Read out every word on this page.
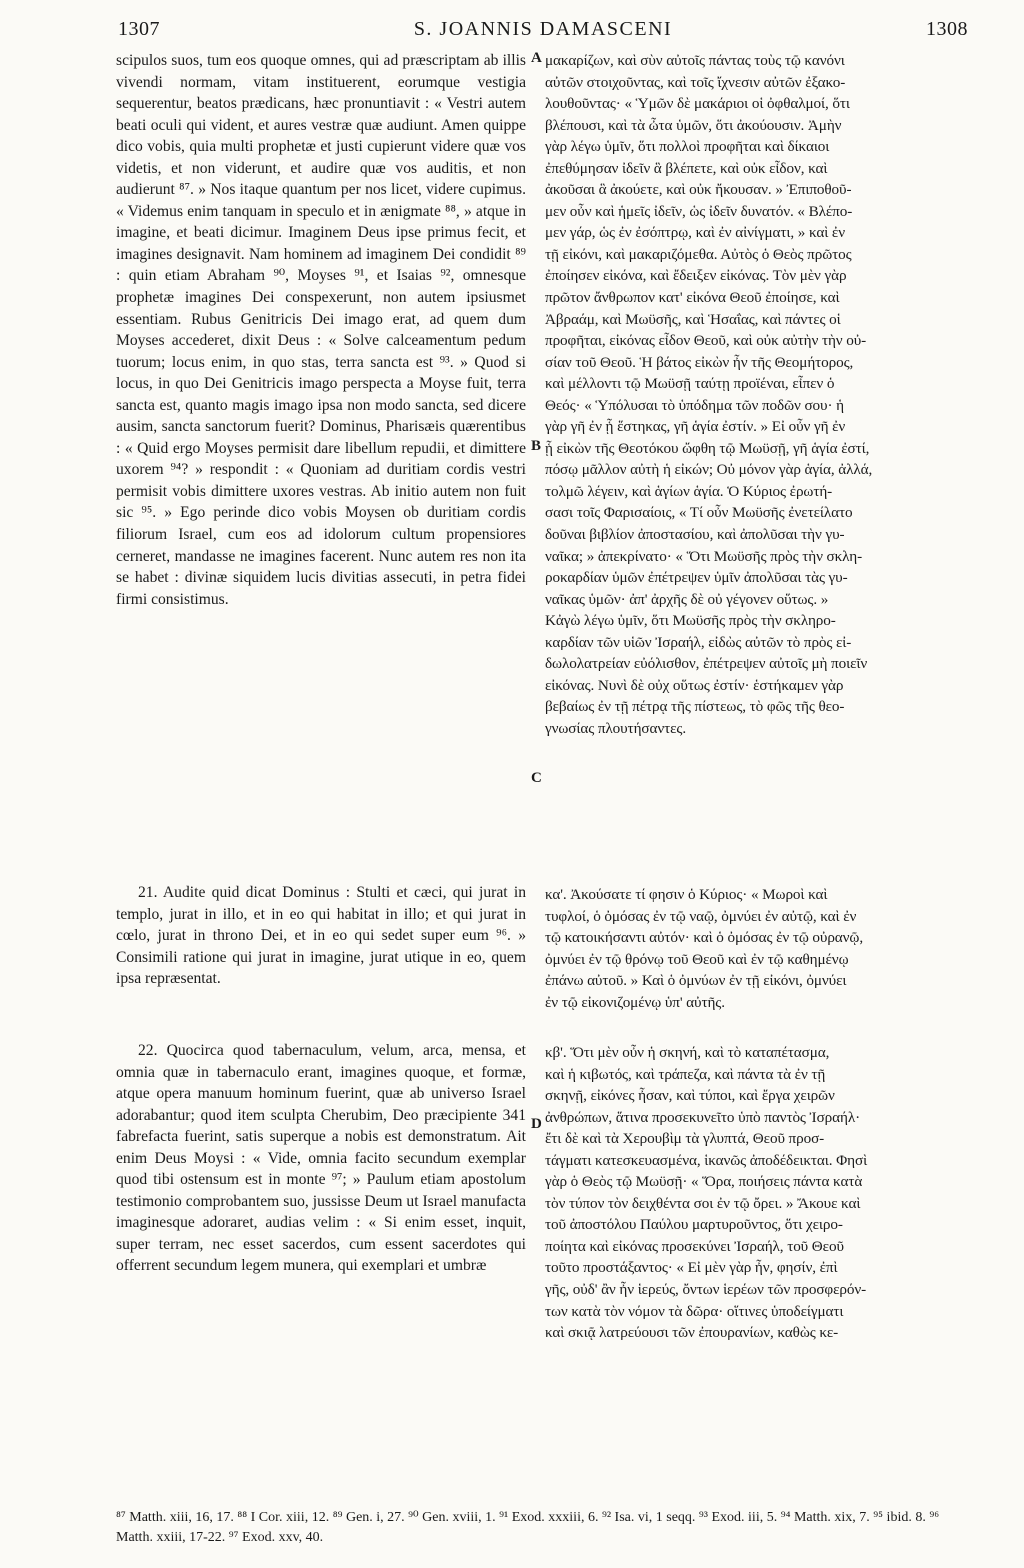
1307	S. JOANNIS DAMASCENI	1308

scipulos suos, tum eos quoque omnes, qui ad præscriptam ab illis vivendi normam, vitam instituerent, eorumque vestigia sequerentur, beatos prædicans, hæc pronuntiavit : « Vestri autem beati oculi qui vident, et aures vestræ quæ audiunt. Amen quippe dico vobis, quia multi prophetæ et justi cupierunt videre quæ vos videtis, et non viderunt, et audire quæ vos auditis, et non audierunt ⁸⁷. » Nos itaque quantum per nos licet, videre cupimus. « Videmus enim tanquam in speculo et in ænigmate ⁸⁸, » atque in imagine, et beati dicimur. Imaginem Deus ipse primus fecit, et imagines designavit. Nam hominem ad imaginem Dei condidit ⁸⁹ : quin etiam Abraham ⁹⁰, Moyses ⁹¹, et Isaias ⁹², omnesque prophetæ imagines Dei conspexerunt, non autem ipsiusmet essentiam. Rubus Genitricis Dei imago erat, ad quem dum Moyses accederet, dixit Deus : « Solve calceamentum pedum tuorum; locus enim, in quo stas, terra sancta est ⁹³. » Quod si locus, in quo Dei Genitricis imago perspecta a Moyse fuit, terra sancta est, quanto magis imago ipsa non modo sancta, sed dicere ausim, sancta sanctorum fuerit? Dominus, Pharisæis quærentibus : « Quid ergo Moyses permisit dare libellum repudii, et dimittere uxorem ⁹⁴? » respondit : « Quoniam ad duritiam cordis vestri permisit vobis dimittere uxores vestras. Ab initio autem non fuit sic ⁹⁵. » Ego perinde dico vobis Moysen ob duritiam cordis filiorum Israel, cum eos ad idolorum cultum propensiores cerneret, mandasse ne imagines facerent. Nunc autem res non ita se habet : divinæ siquidem lucis divitias assecuti, in petra fidei firmi consistimus.

21. Audite quid dicat Dominus : Stulti et cæci, qui jurat in templo, jurat in illo, et in eo qui habitat in illo; et qui jurat in cœlo, jurat in throno Dei, et in eo qui sedet super eum ⁹⁶. » Consimili ratione qui jurat in imagine, jurat utique in eo, quem ipsa repræsentat.

22. Quocirca quod tabernaculum, velum, arca, mensa, et omnia quæ in tabernaculo erant, imagines quoque, et formæ, atque opera manuum hominum fuerint, quæ ab universo Israel adorabantur; quod item sculpta Cherubim, Deo præcipiente 341 fabrefacta fuerint, satis superque a nobis est demonstratum. Ait enim Deus Moysi : « Vide, omnia facito secundum exemplar quod tibi ostensum est in monte ⁹⁷; » Paulum etiam apostolum testimonio comprobantem suo, jussisse Deum ut Israel manufacta imaginesque adoraret, audias velim : « Si enim esset, inquit, super terram, nec esset sacerdos, cum essent sacerdotes qui offerrent secundum legem munera, qui exemplari et umbræ

A
B
C
D
μακαρίζων, καὶ σὺν αὐτοῖς πάντας τοὺς τῷ κανόνι
αὐτῶν στοιχοῦντας, καὶ τοῖς ἴχνεσιν αὐτῶν ἐξακο-
λουθοῦντας· « Ὑμῶν δὲ μακάριοι οἱ ὀφθαλμοί, ὅτι
βλέπουσι, καὶ τὰ ὦτα ὑμῶν, ὅτι ἀκούουσιν. Ἀμὴν
γὰρ λέγω ὑμῖν, ὅτι πολλοὶ προφῆται καὶ δίκαιοι
ἐπεθύμησαν ἰδεῖν ἃ βλέπετε, καὶ οὐκ εἶδον, καὶ
ἀκοῦσαι ἃ ἀκούετε, καὶ οὐκ ἤκουσαν. » Ἐπιποθοῦ-
μεν οὖν καὶ ἡμεῖς ἰδεῖν, ὡς ἰδεῖν δυνατόν. « Βλέπο-
μεν γάρ, ὡς ἐν ἐσόπτρῳ, καὶ ἐν αἰνίγματι, » καὶ ἐν
τῇ εἰκόνι, καὶ μακαριζόμεθα. Αὐτὸς ὁ Θεὸς πρῶτος
ἐποίησεν εἰκόνα, καὶ ἔδειξεν εἰκόνας. Τὸν μὲν γὰρ
πρῶτον ἄνθρωπον κατ' εἰκόνα Θεοῦ ἐποίησε, καὶ
Ἀβραάμ, καὶ Μωϋσῆς, καὶ Ἡσαΐας, καὶ πάντες οἱ
προφῆται, εἰκόνας εἶδον Θεοῦ, καὶ οὐκ αὐτὴν τὴν οὐ-
σίαν τοῦ Θεοῦ. Ἡ βάτος εἰκὼν ἦν τῆς Θεομήτορος,
καὶ μέλλοντι τῷ Μωϋσῇ ταύτῃ προϊέναι, εἶπεν ὁ
Θεός· « Ὑπόλυσαι τὸ ὑπόδημα τῶν ποδῶν σου· ἡ
γὰρ γῆ ἐν ᾗ ἕστηκας, γῆ ἁγία ἐστίν. » Εἰ οὖν γῆ ἐν
ᾗ εἰκὼν τῆς Θεοτόκου ὤφθη τῷ Μωϋσῇ, γῆ ἁγία ἐστί,
πόσῳ μᾶλλον αὐτὴ ἡ εἰκών; Οὐ μόνον γὰρ ἁγία, ἀλλά,
τολμῶ λέγειν, καὶ ἁγίων ἁγία. Ὁ Κύριος ἐρωτή-
σασι τοῖς Φαρισαίοις, « Τί οὖν Μωϋσῆς ἐνετείλατο
δοῦναι βιβλίον ἀποστασίου, καὶ ἀπολῦσαι τὴν γυ-
ναῖκα; » ἀπεκρίνατο· « Ὅτι Μωϋσῆς πρὸς τὴν σκλη-
ροκαρδίαν ὑμῶν ἐπέτρεψεν ὑμῖν ἀπολῦσαι τὰς γυ-
ναῖκας ὑμῶν· ἀπ' ἀρχῆς δὲ οὐ γέγονεν οὕτως. »
Κἀγὼ λέγω ὑμῖν, ὅτι Μωϋσῆς πρὸς τὴν σκληρο-
καρδίαν τῶν υἱῶν Ἰσραήλ, εἰδὼς αὐτῶν τὸ πρὸς εἰ-
δωλολατρείαν εὐόλισθον, ἐπέτρεψεν αὐτοῖς μὴ ποιεῖν
εἰκόνας. Νυνὶ δὲ οὐχ οὕτως ἐστίν· ἑστήκαμεν γὰρ
βεβαίως ἐν τῇ πέτρᾳ τῆς πίστεως, τὸ φῶς τῆς θεο-
γνωσίας πλουτήσαντες.
κα'. Ἀκούσατε τί φησιν ὁ Κύριος· « Μωροὶ καὶ
τυφλοί, ὁ ὀμόσας ἐν τῷ ναῷ, ὀμνύει ἐν αὐτῷ, καὶ ἐν
τῷ κατοικήσαντι αὐτόν· καὶ ὁ ὀμόσας ἐν τῷ οὐρανῷ,
ὀμνύει ἐν τῷ θρόνῳ τοῦ Θεοῦ καὶ ἐν τῷ καθημένῳ
ἐπάνω αὐτοῦ. » Καὶ ὁ ὀμνύων ἐν τῇ εἰκόνι, ὀμνύει
ἐν τῷ εἰκονιζομένῳ ὑπ' αὐτῆς.
κβ'. Ὅτι μὲν οὖν ἡ σκηνή, καὶ τὸ καταπέτασμα,
καὶ ἡ κιβωτός, καὶ τράπεζα, καὶ πάντα τὰ ἐν τῇ
σκηνῇ, εἰκόνες ἦσαν, καὶ τύποι, καὶ ἔργα χειρῶν
ἀνθρώπων, ἅτινα προσεκυνεῖτο ὑπὸ παντὸς Ἰσραήλ·
ἔτι δὲ καὶ τὰ Χερουβὶμ τὰ γλυπτά, Θεοῦ προσ-
τάγματι κατεσκευασμένα, ἱκανῶς ἀποδέδεικται. Φησὶ
γὰρ ὁ Θεὸς τῷ Μωϋσῇ· « Ὅρα, ποιήσεις πάντα κατὰ
τὸν τύπον τὸν δειχθέντα σοι ἐν τῷ ὄρει. » Ἄκουε καὶ
τοῦ ἀποστόλου Παύλου μαρτυροῦντος, ὅτι χειρο-
ποίητα καὶ εἰκόνας προσεκύνει Ἰσραήλ, τοῦ Θεοῦ
τοῦτο προστάξαντος· « Εἰ μὲν γὰρ ἦν, φησίν, ἐπὶ
γῆς, οὐδ' ἂν ἦν ἱερεύς, ὄντων ἱερέων τῶν προσφερόν-
των κατὰ τὸν νόμον τὰ δῶρα· οἵτινες ὑποδείγματι
καὶ σκιᾷ λατρεύουσι τῶν ἐπουρανίων, καθὼς κε-
⁸⁷ Matth. xiii, 16, 17. ⁸⁸ I Cor. xiii, 12. ⁸⁹ Gen. i, 27. ⁹⁰ Gen. xviii, 1. ⁹¹ Exod. xxxiii, 6. ⁹² Isa. vi, 1 seqq. ⁹³ Exod. iii, 5. ⁹⁴ Matth. xix, 7. ⁹⁵ ibid. 8. ⁹⁶ Matth. xxiii, 17-22. ⁹⁷ Exod. xxv, 40.
